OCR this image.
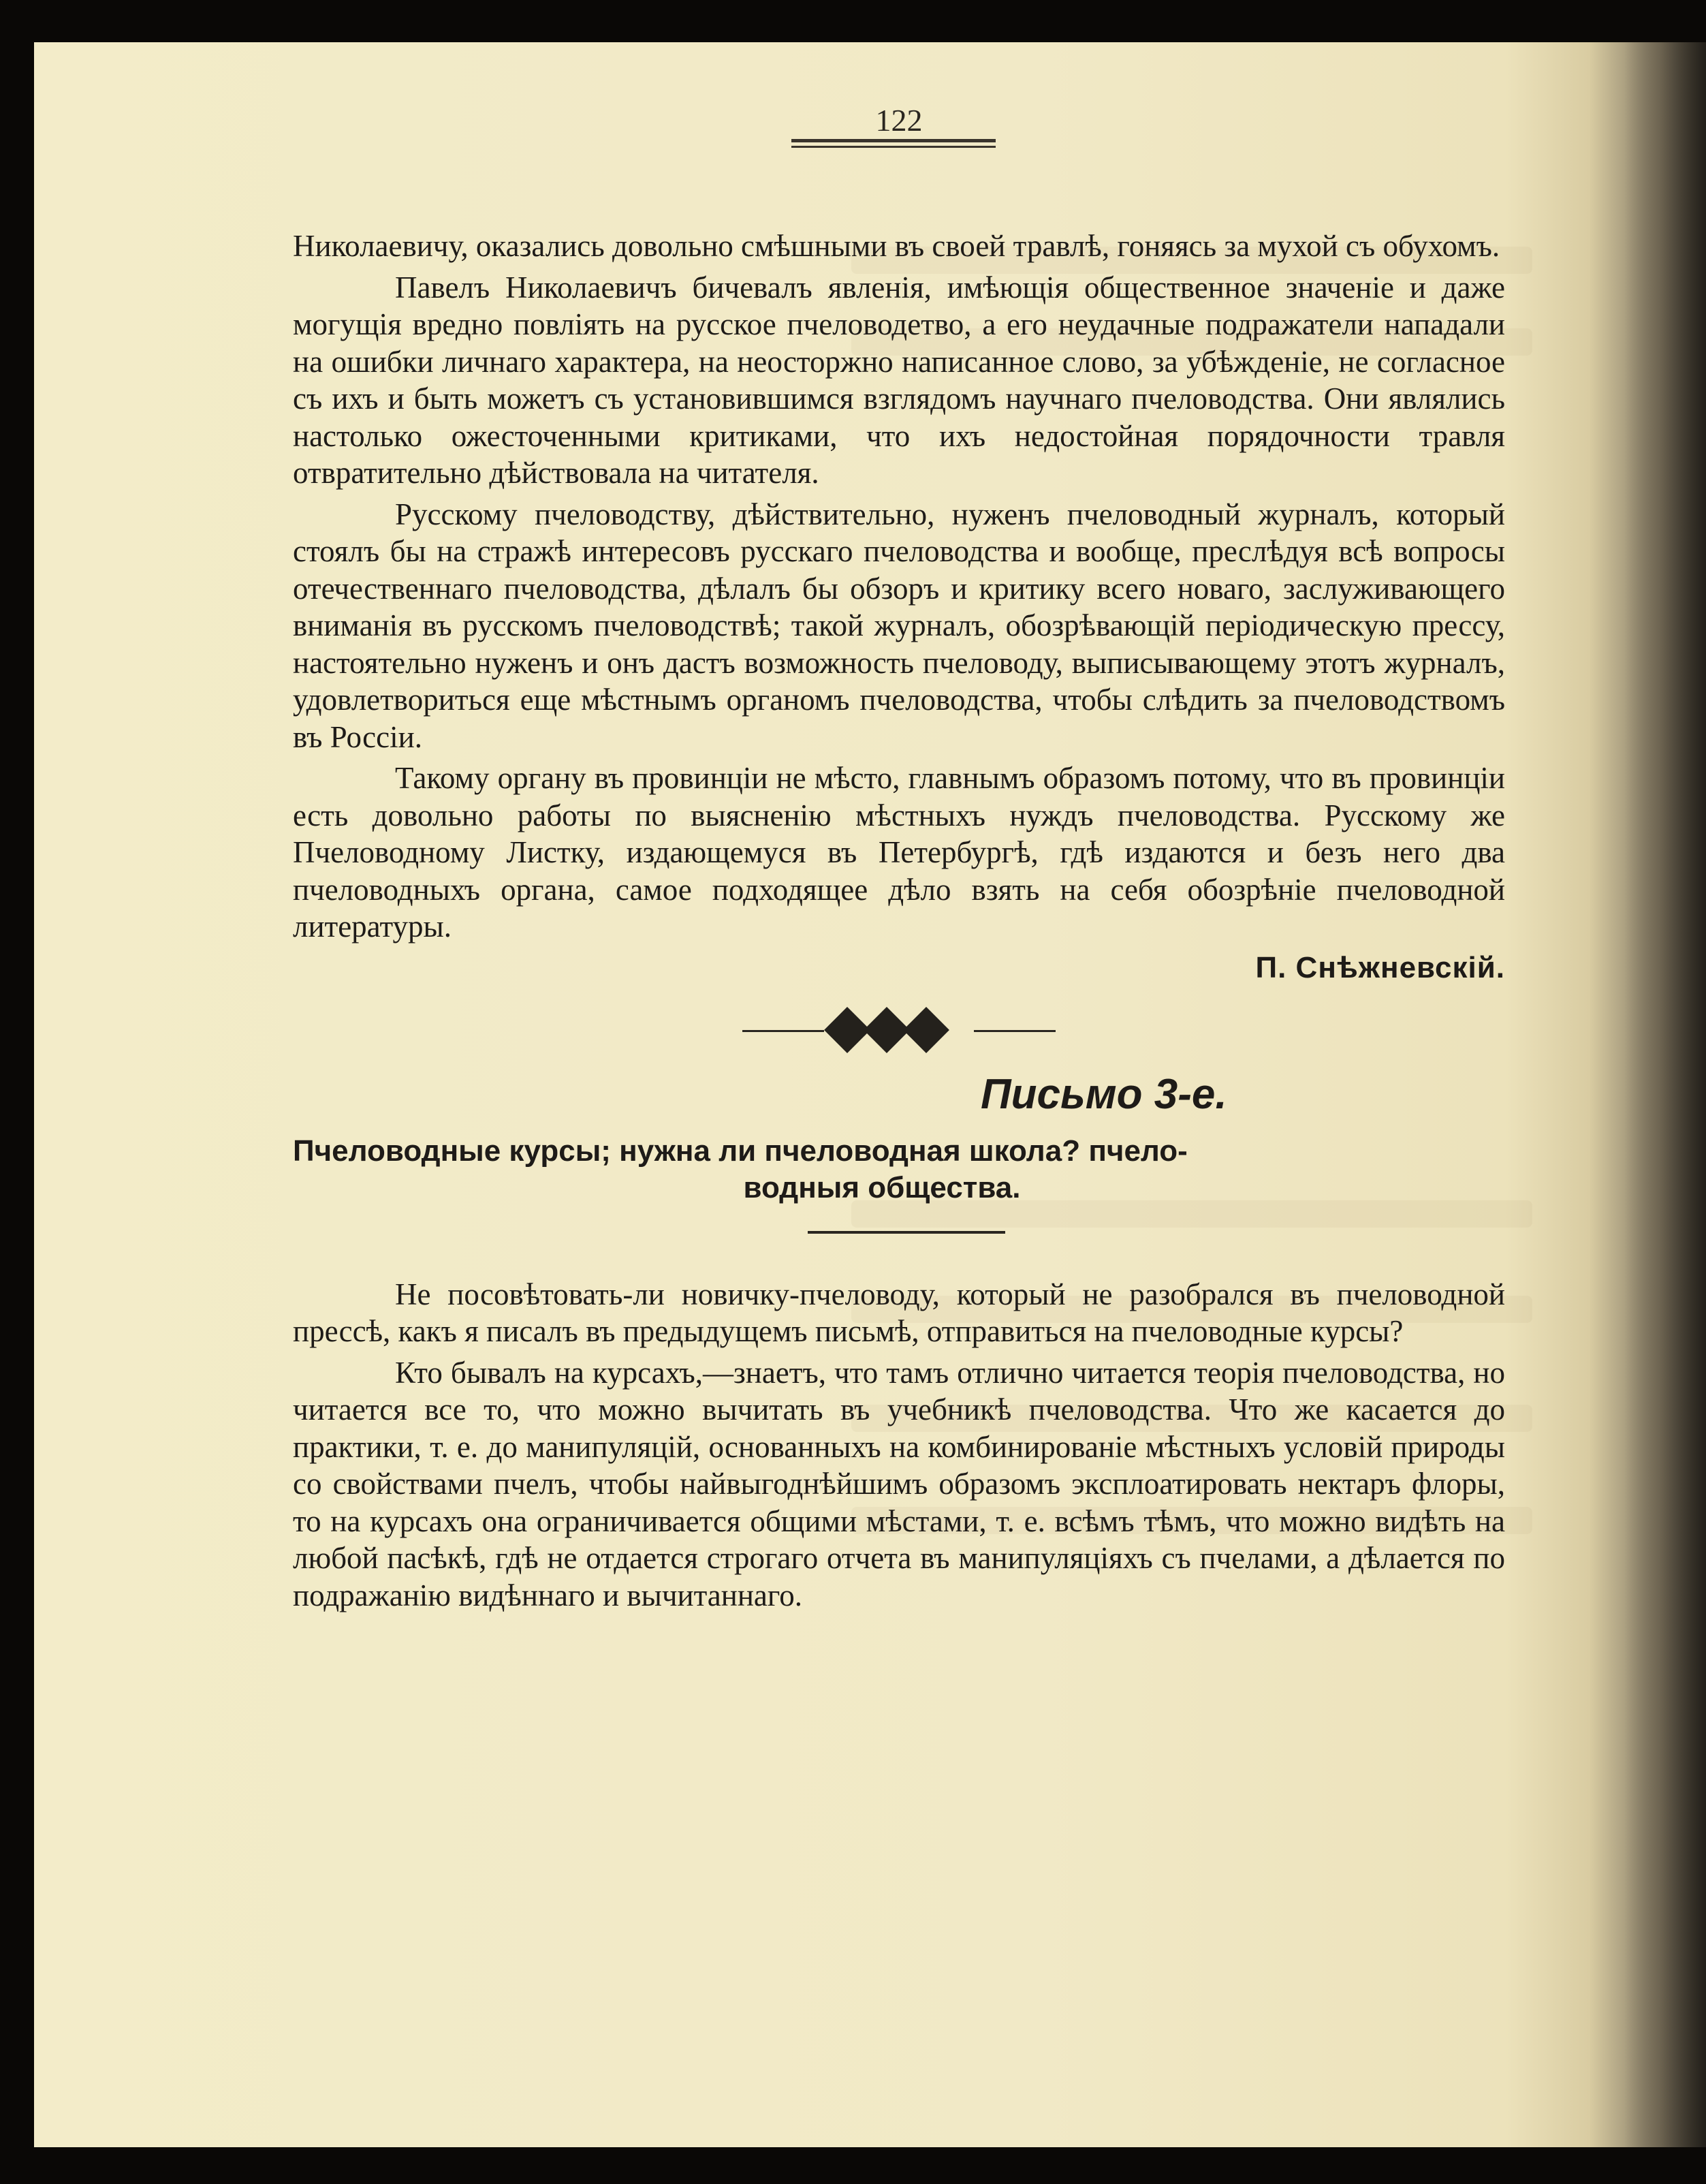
122

Николаевичу, оказались довольно смѣшными въ своей травлѣ, гоняясь за мухой съ обухомъ.

Павелъ Николаевичъ бичевалъ явленія, имѣющія общественное значеніе и даже могущія вредно повліять на русское пчеловодетво, а его неудачные подражатели нападали на ошибки личнаго характера, на неосторжно написанное слово, за убѣжденіе, не согласное съ ихъ и быть можетъ съ установившимся взглядомъ научнаго пчеловодства. Они являлись настолько ожесточенными критиками, что ихъ недостойная порядочности травля отвратительно дѣйствовала на читателя.

Русскому пчеловодству, дѣйствительно, нуженъ пчеловодный журналъ, который стоялъ бы на стражѣ интересовъ русскаго пчеловодства и вообще, преслѣдуя всѣ вопросы отечественнаго пчеловодства, дѣлалъ бы обзоръ и критику всего новаго, заслуживающего вниманія въ русскомъ пчеловодствѣ; такой журналъ, обозрѣвающій періодическую прессу, настоятельно нуженъ и онъ дастъ возможность пчеловоду, выписывающему этотъ журналъ, удовлетвориться еще мѣстнымъ органомъ пчеловодства, чтобы слѣдить за пчеловодствомъ въ Россіи.

Такому органу въ провинціи не мѣсто, главнымъ образомъ потому, что въ провинціи есть довольно работы по выясненію мѣстныхъ нуждъ пчеловодства. Русскому же Пчеловодному Листку, издающемуся въ Петербургѣ, гдѣ издаются и безъ него два пчеловодныхъ органа, самое подходящее дѣло взять на себя обозрѣніе пчеловодной литературы.

П. Снѣжневскій.
Письмо 3-е.
Пчеловодные курсы; нужна ли пчеловодная школа? пчело-
водныя общества.

Не посовѣтовать-ли новичку-пчеловоду, который не разобрался въ пчеловодной прессѣ, какъ я писалъ въ предыдущемъ письмѣ, отправиться на пчеловодные курсы?

Кто бывалъ на курсахъ,—знаетъ, что тамъ отлично читается теорія пчеловодства, но читается все то, что можно вычитать въ учебникѣ пчеловодства. Что же касается до практики, т. е. до манипуляцій, основанныхъ на комбинированіе мѣстныхъ условій природы со свойствами пчелъ, чтобы найвыгоднѣйшимъ образомъ эксплоатировать нектаръ флоры, то на курсахъ она ограничивается общими мѣстами, т. е. всѣмъ тѣмъ, что можно видѣть на любой пасѣкѣ, гдѣ не отдается строгаго отчета въ манипуляціяхъ съ пчелами, а дѣлается по подражанію видѣннаго и вычитаннаго.
